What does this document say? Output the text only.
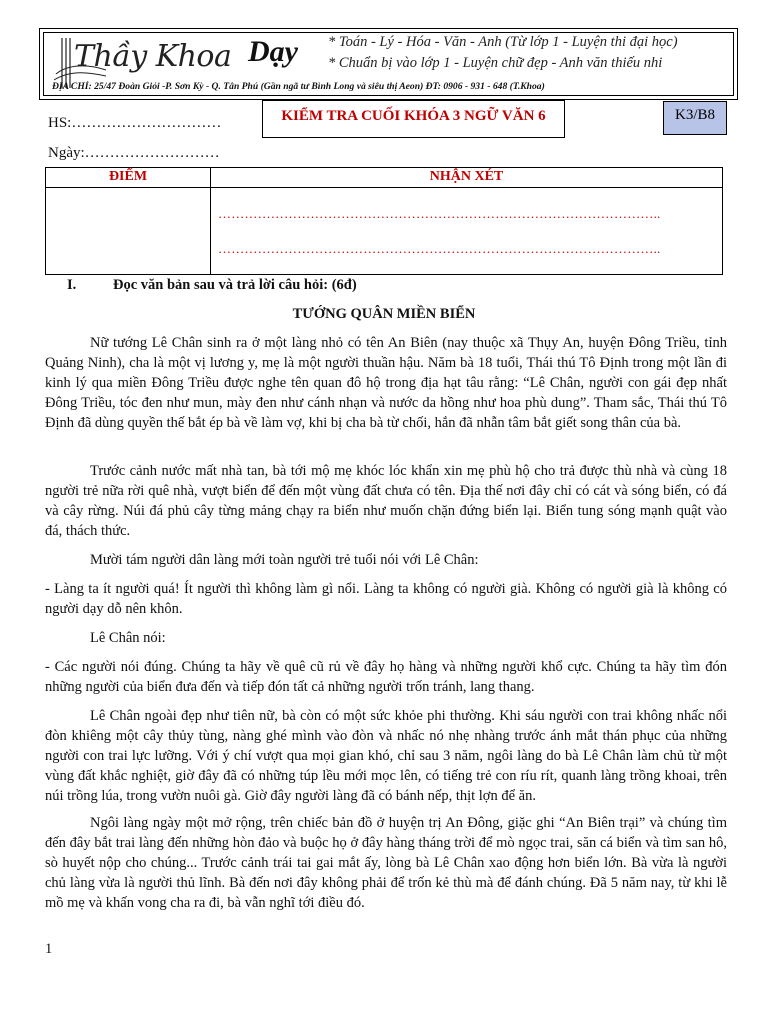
Thầy Khoa Dạy * Toán - Lý - Hóa - Văn - Anh (Từ lớp 1 - Luyện thi đại học)
* Chuẩn bị vào lớp 1 - Luyện chữ đẹp - Anh văn thiếu nhi
ĐỊA CHỈ: 25/47 Đoàn Giỏi -P. Sơn Kỳ - Q. Tân Phú (Gần ngã tư Bình Long và siêu thị Aeon) ĐT: 0906 - 931 - 648 (T.Khoa)
HS:…………………………
Ngày:………………………
KIỂM TRA CUỐI KHÓA 3 NGỮ VĂN 6	K3/B8
ĐIỂM	NHẬN XÉT
………………………………………………………………………………………..
………………………………………………………………………………………..
I.	Đọc văn bản sau và trả lời câu hỏi: (6đ)
TƯỚNG QUÂN MIỀN BIỂN
Nữ tướng Lê Chân sinh ra ở một làng nhỏ có tên An Biên (nay thuộc xã Thụy An, huyện Đông Triều, tỉnh Quảng Ninh), cha là một vị lương y, mẹ là một người thuần hậu. Năm bà 18 tuổi, Thái thú Tô Định trong một lần đi kinh lý qua miền Đông Triều được nghe tên quan đô hộ trong địa hạt tâu rằng: “Lê Chân, người con gái đẹp nhất Đông Triều, tóc đen như mun, mày đen như cánh nhạn và nước da hồng như hoa phù dung”. Tham sắc, Thái thú Tô Định đã dùng quyền thế bắt ép bà về làm vợ, khi bị cha bà từ chối, hắn đã nhẫn tâm bắt giết song thân của bà.
Trước cảnh nước mất nhà tan, bà tới mộ mẹ khóc lóc khẩn xin mẹ phù hộ cho trả được thù nhà và cùng 18 người trẻ nữa rời quê nhà, vượt biển để đến một vùng đất chưa có tên. Địa thế nơi đây chỉ có cát và sóng biển, có đá và cây rừng. Núi đá phủ cây từng mảng chạy ra biển như muốn chặn đứng biển lại. Biển tung sóng mạnh quật vào đá, thách thức.
Mười tám người dân làng mới toàn người trẻ tuổi nói với Lê Chân:
- Làng ta ít người quá! Ít người thì không làm gì nổi. Làng ta không có người già. Không có người già là không có người dạy dỗ nên khôn.
Lê Chân nói:
- Các người nói đúng. Chúng ta hãy về quê cũ rủ về đây họ hàng và những người khổ cực. Chúng ta hãy tìm đón những người của biển đưa đến và tiếp đón tất cả những người trốn tránh, lang thang.
Lê Chân ngoài đẹp như tiên nữ, bà còn có một sức khỏe phi thường. Khi sáu người con trai không nhấc nổi đòn khiêng một cây thủy tùng, nàng ghé mình vào đòn và nhấc nó nhẹ nhàng trước ánh mắt thán phục của những người con trai lực lưỡng. Với ý chí vượt qua mọi gian khó, chỉ sau 3 năm, ngôi làng do bà Lê Chân làm chủ từ một vùng đất khắc nghiệt, giờ đây đã có những túp lều mới mọc lên, có tiếng trẻ con ríu rít, quanh làng trồng khoai, trên núi trồng lúa, trong vườn nuôi gà. Giờ đây người làng đã có bánh nếp, thịt lợn để ăn.
Ngôi làng ngày một mở rộng, trên chiếc bản đồ ở huyện trị An Đông, giặc ghi “An Biên trại” và chúng tìm đến đây bắt trai làng đến những hòn đảo và buộc họ ở đây hàng tháng trời để mò ngọc trai, săn cá biển và tìm san hô, sò huyết nộp cho chúng... Trước cảnh trái tai gai mắt ấy, lòng bà Lê Chân xao động hơn biển lớn. Bà vừa là người chủ làng vừa là người thủ lĩnh. Bà đến nơi đây không phải để trốn kẻ thù mà để đánh chúng. Đã 5 năm nay, từ khi lễ mồ mẹ và khấn vong cha ra đi, bà vẫn nghĩ tới điều đó.
1
